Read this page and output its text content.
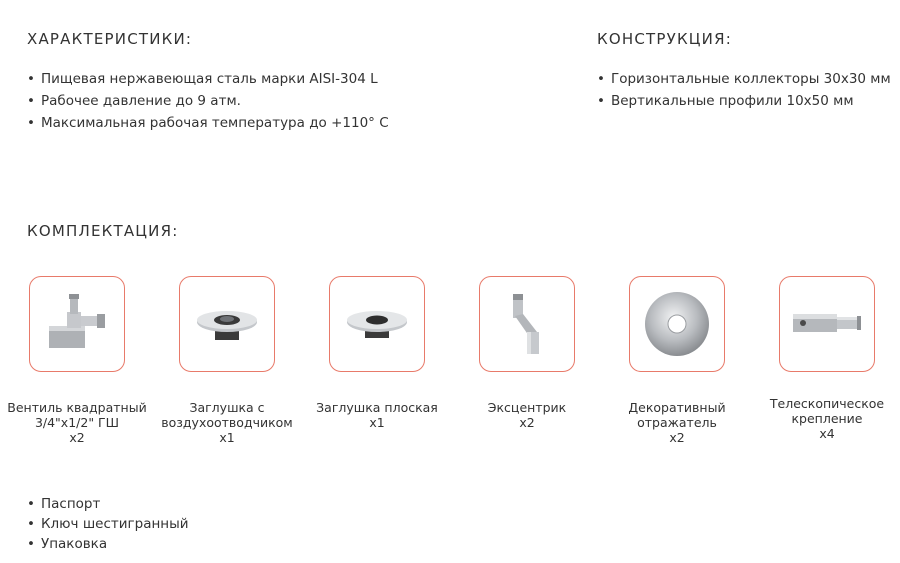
ХАРАКТЕРИСТИКИ:
• Пищевая нержавеющая сталь марки AISI-304 L
• Рабочее давление до 9 атм.
• Максимальная рабочая температура до +110° С
КОНСТРУКЦИЯ:
• Горизонтальные коллекторы 30х30 мм
• Вертикальные профили 10х50 мм
КОМПЛЕКТАЦИЯ:
Вентиль квадратный
3/4"х1/2" ГШ
x2
Заглушка с
воздухоотводчиком
x1
Заглушка плоская
x1
Эксцентрик
x2
Декоративный
отражатель
x2
Телескопическое
крепление
x4
• Паспорт
• Ключ шестигранный
• Упаковка
